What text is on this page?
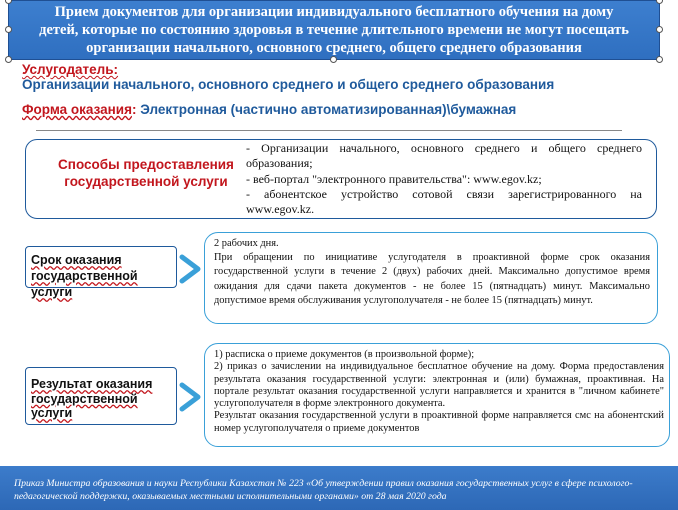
Прием документов для организации индивидуального бесплатного обучения на дому
детей, которые по состоянию здоровья в течение длительного времени не могут посещать
организации начального, основного среднего, общего среднего образования
Услугодатель:
Организации начального, основного среднего и общего среднего образования
Форма оказания: Электронная (частично автоматизированная)\бумажная
Способы предоставления государственной услуги
- Организации начального, основного среднего и общего среднего образования;
- веб-портал "электронного правительства": www.egov.kz;
- абонентское устройство сотовой связи зарегистрированного на www.egov.kz.
Срок оказания
государственной услуги
2 рабочих дня.
При обращении по инициативе услугодателя в проактивной форме срок оказания государственной услуги в течение 2 (двух) рабочих дней. Максимально допустимое время ожидания для сдачи пакета документов - не более 15 (пятнадцать) минут. Максимально допустимое время обслуживания услугополучателя - не более 15 (пятнадцать) минут.
Результат оказания
государственной
услуги
1) расписка о приеме документов (в произвольной форме);
2) приказ о зачислении на индивидуальное бесплатное обучение на дому. Форма предоставления результата оказания государственной услуги: электронная и (или) бумажная, проактивная. На портале результат оказания государственной услуги направляется и хранится в "личном кабинете" услугополучателя в форме электронного документа.
Результат оказания государственной услуги в проактивной форме направляется смс на абонентский номер услугополучателя о приеме документов
Приказ Министра образования и науки Республики Казахстан № 223 «Об утверждении правил оказания государственных услуг в сфере психолого-педагогической поддержки, оказываемых местными исполнительными органами» от 28 мая 2020 года
